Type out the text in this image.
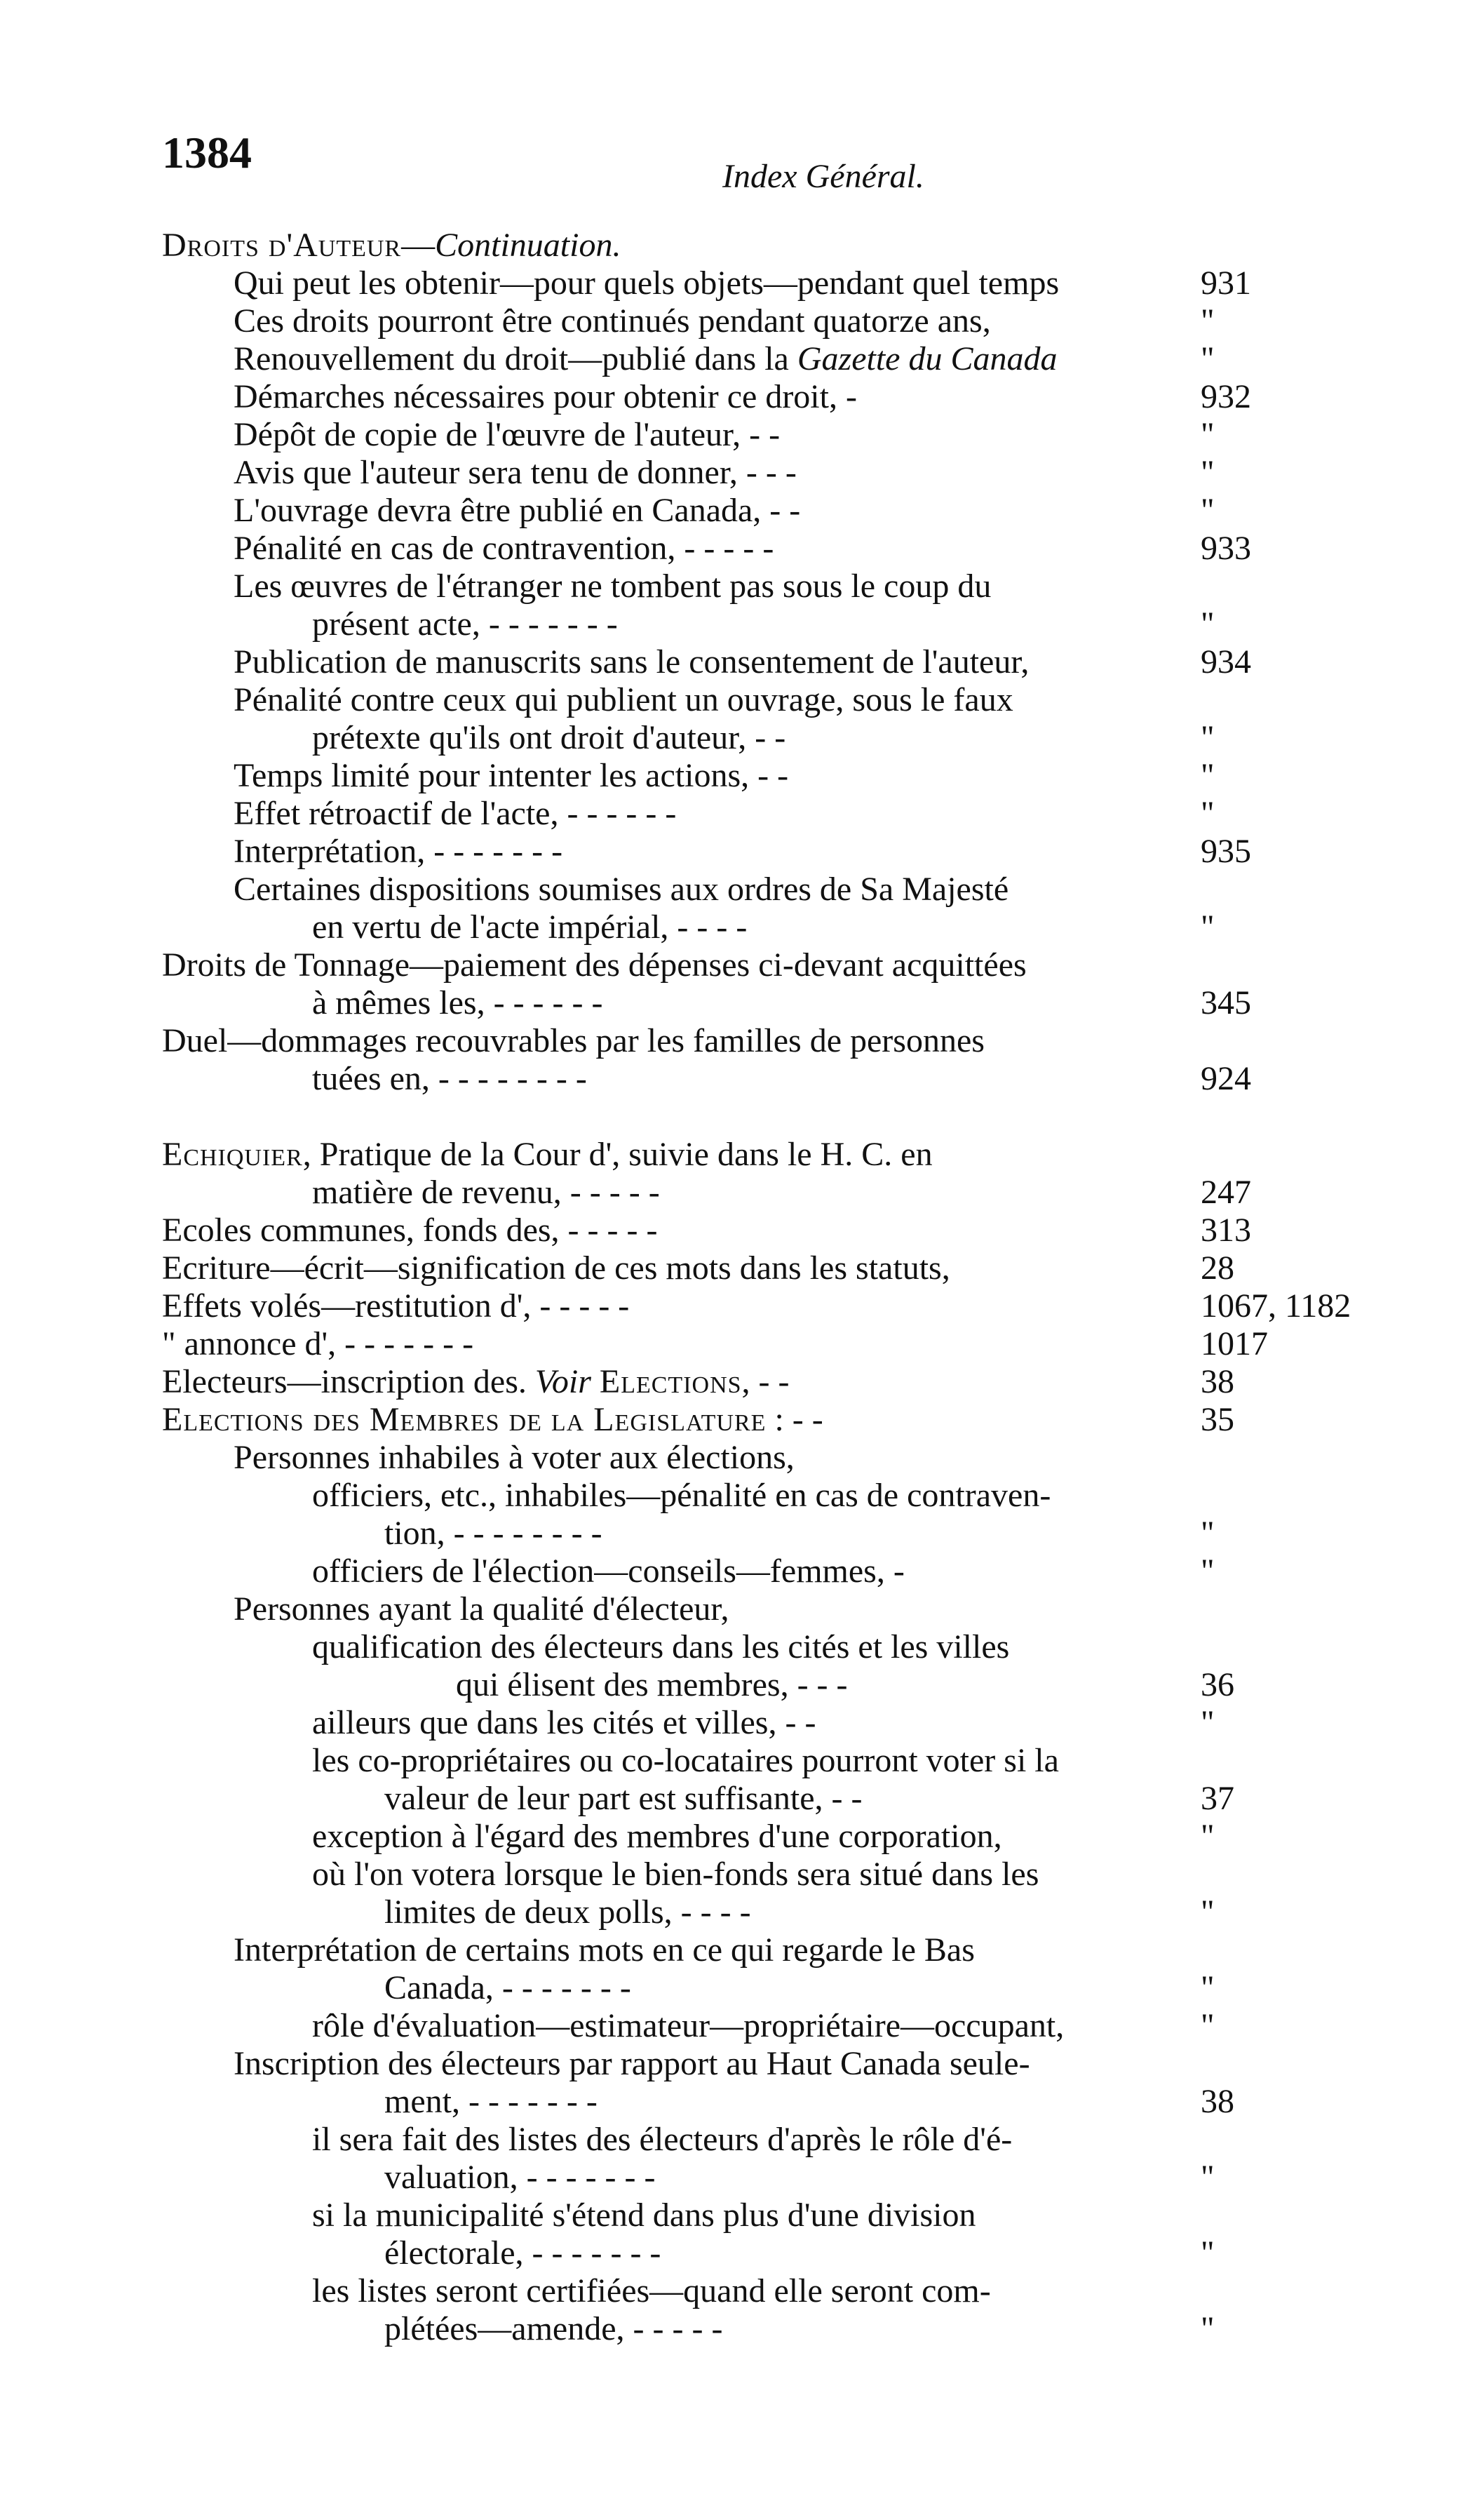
1384	Index Général.
Droits d'Auteur—Continuation.
Qui peut les obtenir—pour quels objets—pendant quel temps	931
Ces droits pourront être continués pendant quatorze ans,	"
Renouvellement du droit—publié dans la Gazette du Canada	"
Démarches nécessaires pour obtenir ce droit, -	932
Dépôt de copie de l'œuvre de l'auteur, - -	"
Avis que l'auteur sera tenu de donner, - - -	"
L'ouvrage devra être publié en Canada, - -	"
Pénalité en cas de contravention, - - - - -	933
Les œuvres de l'étranger ne tombent pas sous le coup du
présent acte, - - - - - - -	"
Publication de manuscrits sans le consentement de l'auteur,	934
Pénalité contre ceux qui publient un ouvrage, sous le faux
prétexte qu'ils ont droit d'auteur, - -	"
Temps limité pour intenter les actions, - -	"
Effet rétroactif de l'acte, - - - - - -	"
Interprétation, - - - - - - -	935
Certaines dispositions soumises aux ordres de Sa Majesté
en vertu de l'acte impérial, - - - -	"
Droits de Tonnage—paiement des dépenses ci-devant acquittées
à mêmes les, - - - - - -	345
Duel—dommages recouvrables par les familles de personnes
tuées en, - - - - - - - -	924
Echiquier, Pratique de la Cour d', suivie dans le H. C. en
matière de revenu, - - - - -	247
Ecoles communes, fonds des, - - - - -	313
Ecriture—écrit—signification de ces mots dans les statuts,	28
Effets volés—restitution d', - - - - -	1067, 1182
" annonce d', - - - - - - -	1017
Electeurs—inscription des. Voir Elections, - -	38
Elections des Membres de la Legislature : - -	35
Personnes inhabiles à voter aux élections,
officiers, etc., inhabiles—pénalité en cas de contraven-
tion, - - - - - - - -	"
officiers de l'élection—conseils—femmes, -	"
Personnes ayant la qualité d'électeur,
qualification des électeurs dans les cités et les villes
qui élisent des membres, - - -	36
ailleurs que dans les cités et villes, - -	"
les co-propriétaires ou co-locataires pourront voter si la
valeur de leur part est suffisante, - -	37
exception à l'égard des membres d'une corporation,	"
où l'on votera lorsque le bien-fonds sera situé dans les
limites de deux polls, - - - -	"
Interprétation de certains mots en ce qui regarde le Bas
Canada, - - - - - - -	"
rôle d'évaluation—estimateur—propriétaire—occupant,	"
Inscription des électeurs par rapport au Haut Canada seule-
ment, - - - - - - -	38
il sera fait des listes des électeurs d'après le rôle d'é-
valuation, - - - - - - -	"
si la municipalité s'étend dans plus d'une division
électorale, - - - - - - -	"
les listes seront certifiées—quand elle seront com-
plétées—amende, - - - - -	"
